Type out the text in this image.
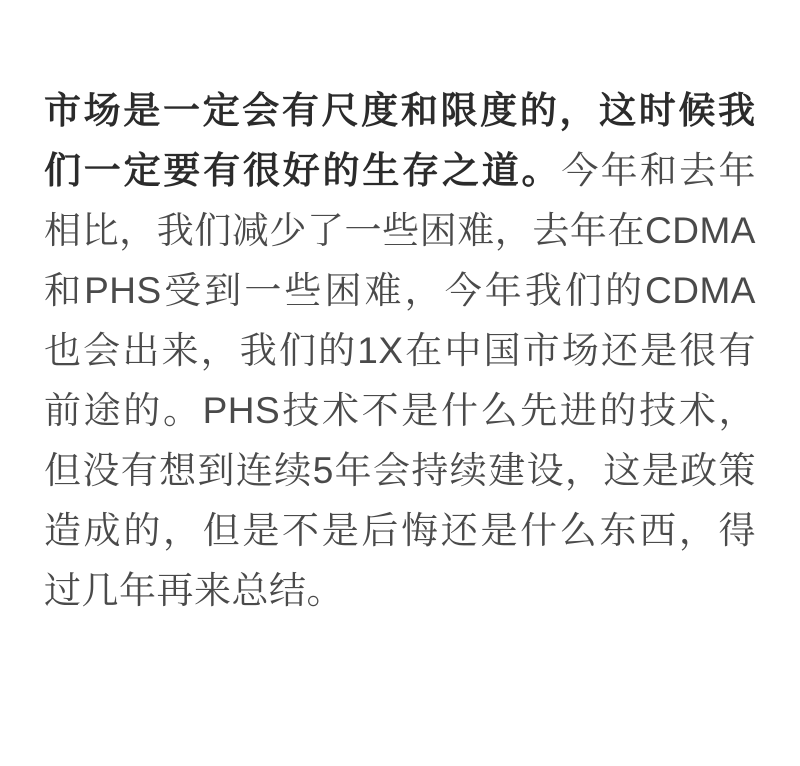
市场是一定会有尺度和限度的，这时候我们一定要有很好的生存之道。今年和去年相比，我们减少了一些困难，去年在CDMA和PHS受到一些困难，今年我们的CDMA也会出来，我们的1X在中国市场还是很有前途的。PHS技术不是什么先进的技术，但没有想到连续5年会持续建设，这是政策造成的，但是不是后悔还是什么东西，得过几年再来总结。
